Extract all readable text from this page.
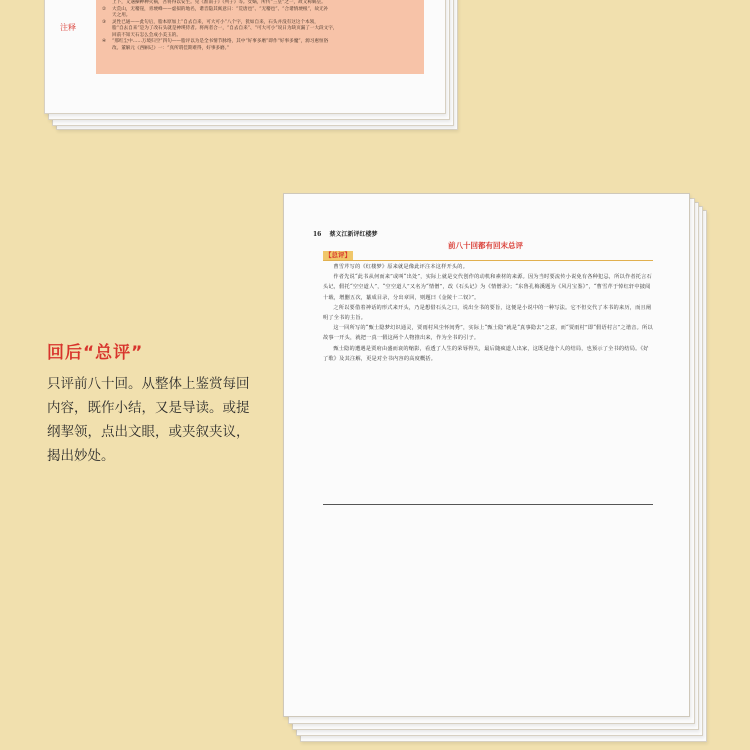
注释
上下，又遇操种种灭祸，吾将得以安生。见《淮南子》《列子》等。女娲，所传“三皇”之一，故又称娲皇。
②	大荒山，无稽崖，青埂峰——虚拟的地名，谐音隐其寓意日：“荒唐也”、“无稽也”、“合谐情埂根”，故无补
天之用。
③	灵性已通——此句后，脂本原加上“自去自来，可大可小”八个字，犹如自来，石头并没有这这个本领，
脂“自去自来”是为了改石头就是神瑛侍者。将两者合一，“自去自来”、“可大可小”说日为缺页漏了一大段文字，
回前不知天石怎么会成小美玉的。
④	“那红尘中……万境归空”四句——脂评以为是全书情节脉络，其中“好事多磨”即作“好事多魔”，源习惠恒俗
改。董解元《西厢记》一：“真所谓佳期难得，好事多磨。”
回后“总评”
只评前八十回。从整体上鉴赏每回
内容，既作小结，又是导读。或提
纲挈领，点出文眼，或夹叙夹议，
揭出妙处。
16 蔡义江新评红楼梦
前八十回都有回末总评
【总评】

曹雪芹写的《红楼梦》原来就是像此评注本这样开头的。

作者先说“此书从何而来”或叫“出处”，实际上就是交代创作的动机和素材的来源。因为当时要流传小说免有各种犯忌，所以作者托言石头记，假托“空空道人”，“空空道人”又名为“情僧”，改《石头记》为《情僧录》；“东鲁孔梅溪题为《风月宝鉴》”，“曹雪芹于悼红轩中披阅十载，增删五次，纂成目录，分出章回，则题曰《金陵十二钗》”。

之所以要借着神话的形式来开头，乃是想借石头之口，说出全书的要旨，这便是小说中的一种写法。它不但交代了本书的来历，而且阐明了全书的主旨。

这一回所写的“甄士隐梦幻识通灵，贾雨村风尘怀闺秀”，实际上“甄士隐”就是“真事隐去”之意，而“贾雨村”即“假语村言”之谐音。所以故事一开头，就把一真一假这两个人物推出来，作为全书的引子。

甄士隐的遭遇是贾府由盛而衰的缩影，看透了人生的荣辱得失，最后随疯道人出家，这既是他个人的结局，也预示了全书的结局。《好了歌》及其注解，更是对全书内容的高度概括。
